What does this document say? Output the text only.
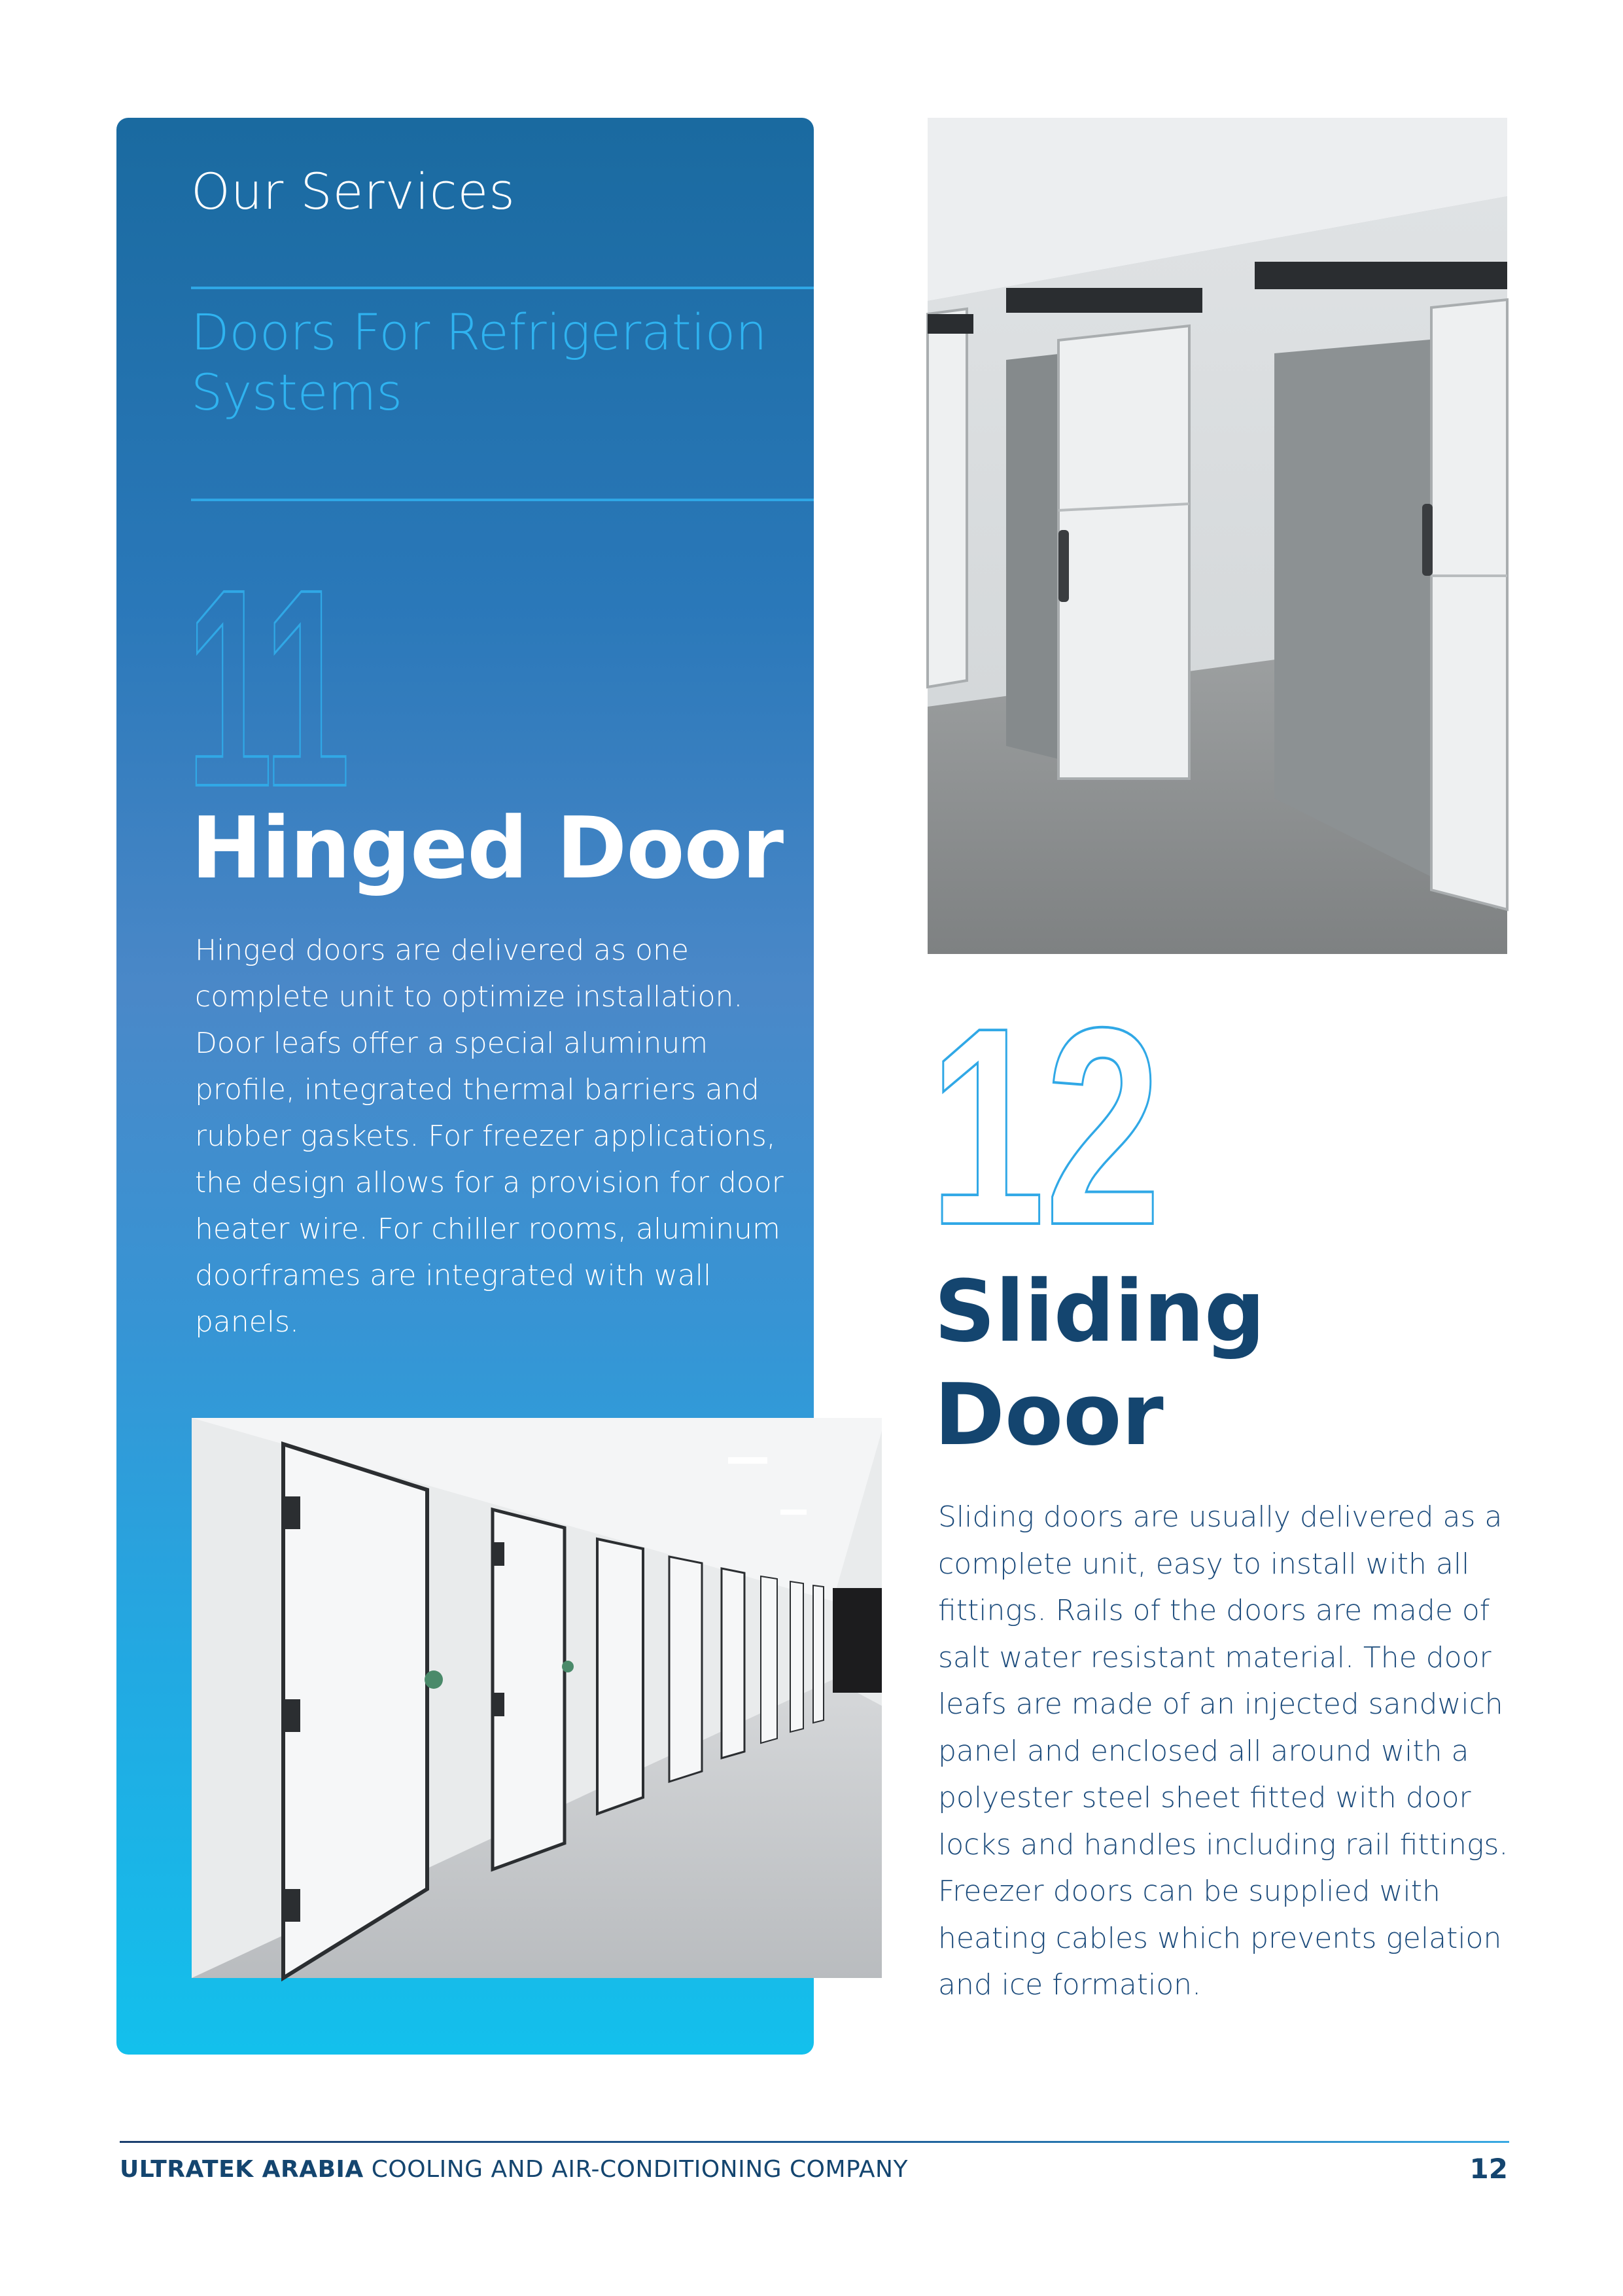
Our Services
Doors For Refrigeration Systems
11
Hinged Door

Hinged doors are delivered as one complete unit to optimize installation. Door leafs offer a special aluminum profile, integrated thermal barriers and rubber gaskets. For freezer applications, the design allows for a provision for door heater wire. For chiller rooms, aluminum doorframes are integrated with wall panels.

12
Sliding Door

Sliding doors are usually delivered as a complete unit, easy to install with all fittings. Rails of the doors are made of salt water resistant material. The door leafs are made of an injected sandwich panel and enclosed all around with a polyester steel sheet fitted with door locks and handles including rail fittings. Freezer doors can be supplied with heating cables which prevents gelation and ice formation.

ULTRATEK ARABIA COOLING AND AIR-CONDITIONING COMPANY	12
